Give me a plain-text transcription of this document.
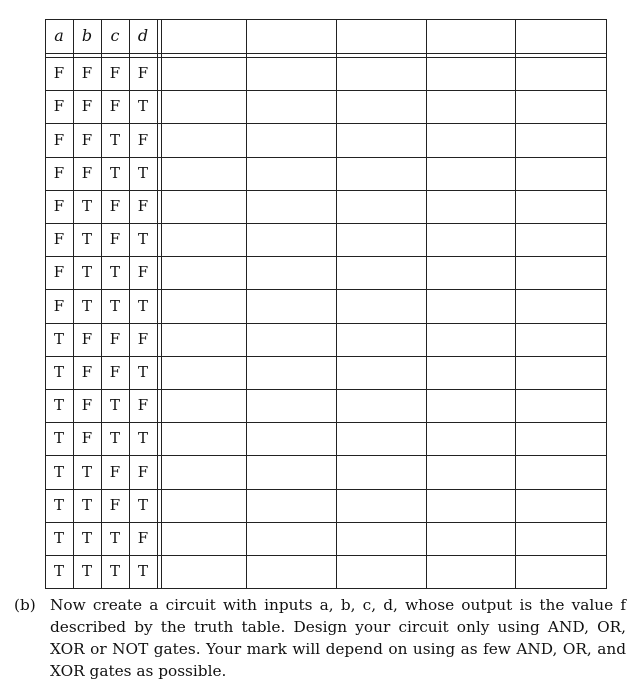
a	b	c	d
F	F	F	F
F	F	F	T
F	F	T	F
F	F	T	T
F	T	F	F
F	T	F	T
F	T	T	F
F	T	T	T
T	F	F	F
T	F	F	T
T	F	T	F
T	F	T	T
T	T	F	F
T	T	F	T
T	T	T	F
T	T	T	T
(b) Now create a circuit with inputs a, b, c, d, whose output is the value f described by the truth table. Design your circuit only using AND, OR, XOR or NOT gates. Your mark will depend on using as few AND, OR, and XOR gates as possible.
